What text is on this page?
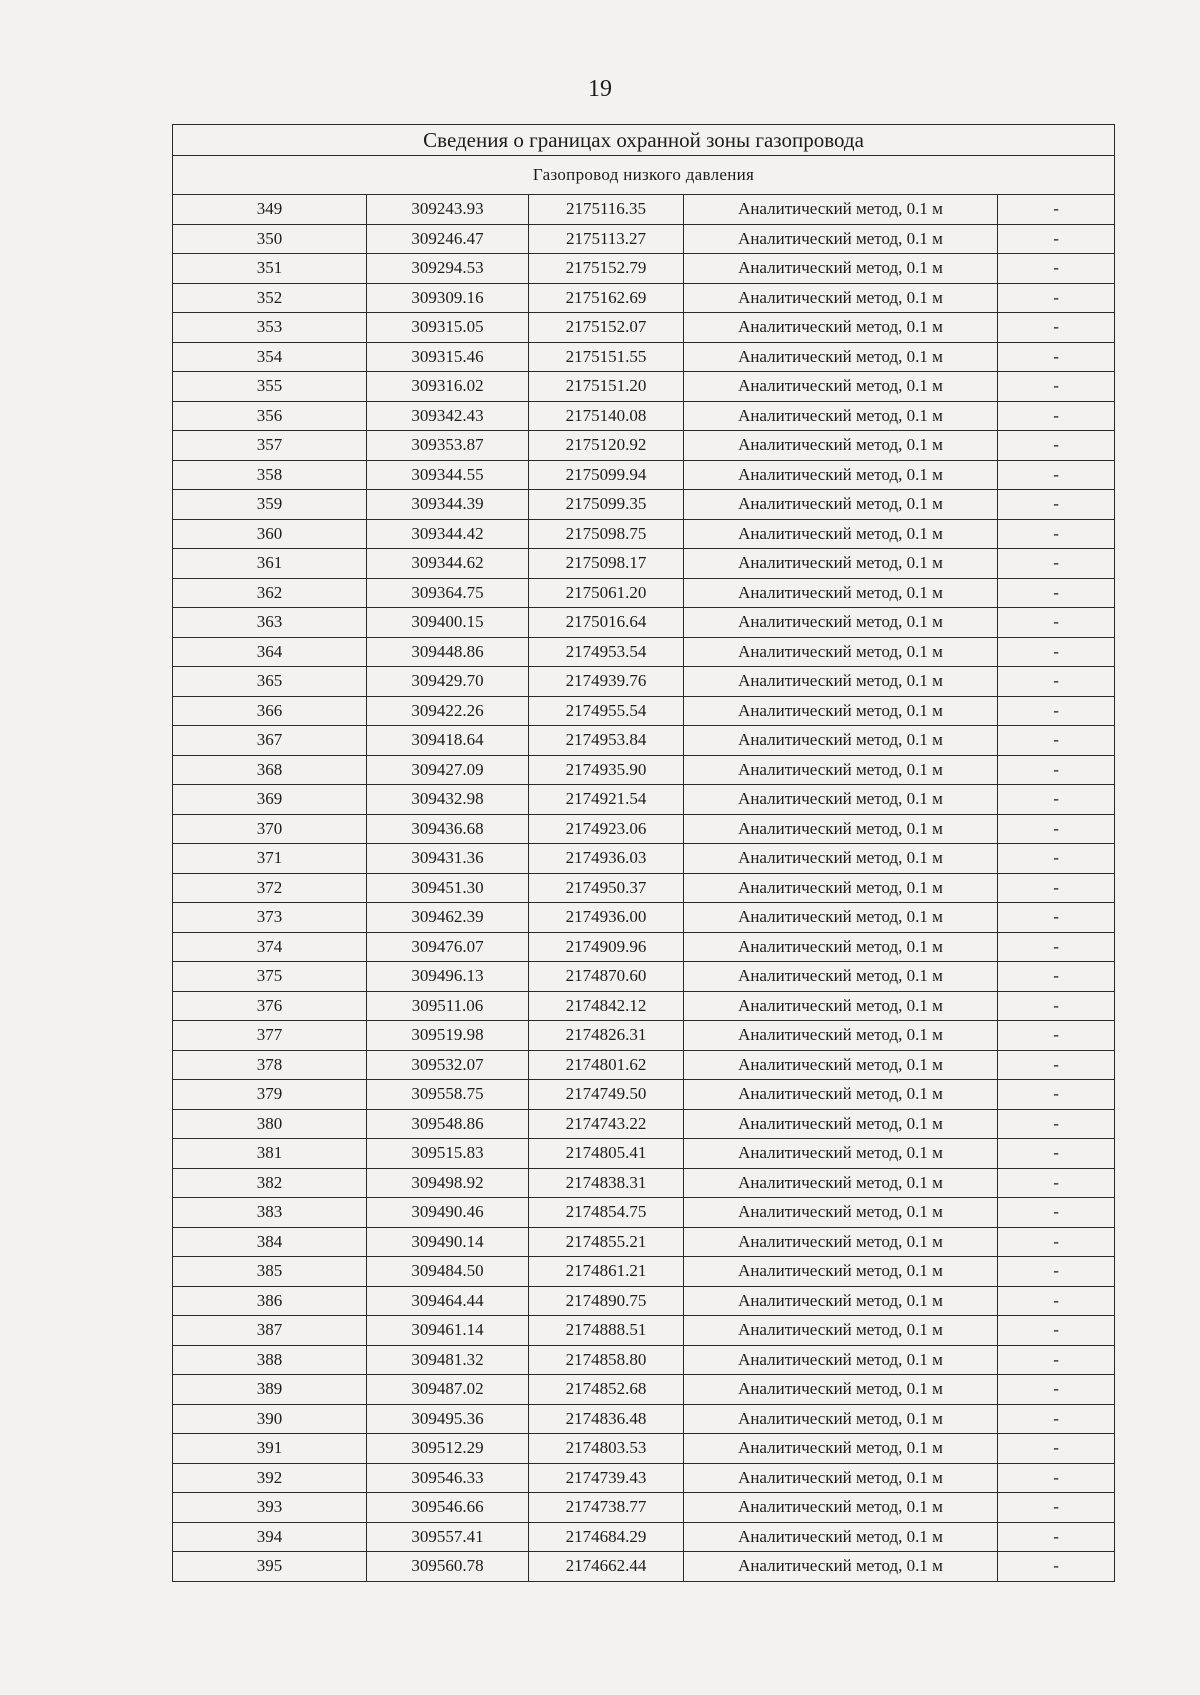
19
Сведения о границах охранной зоны газопровода				
Газопровод низкого давления				
349	309243.93	2175116.35	Аналитический метод, 0.1 м	-
350	309246.47	2175113.27	Аналитический метод, 0.1 м	-
351	309294.53	2175152.79	Аналитический метод, 0.1 м	-
352	309309.16	2175162.69	Аналитический метод, 0.1 м	-
353	309315.05	2175152.07	Аналитический метод, 0.1 м	-
354	309315.46	2175151.55	Аналитический метод, 0.1 м	-
355	309316.02	2175151.20	Аналитический метод, 0.1 м	-
356	309342.43	2175140.08	Аналитический метод, 0.1 м	-
357	309353.87	2175120.92	Аналитический метод, 0.1 м	-
358	309344.55	2175099.94	Аналитический метод, 0.1 м	-
359	309344.39	2175099.35	Аналитический метод, 0.1 м	-
360	309344.42	2175098.75	Аналитический метод, 0.1 м	-
361	309344.62	2175098.17	Аналитический метод, 0.1 м	-
362	309364.75	2175061.20	Аналитический метод, 0.1 м	-
363	309400.15	2175016.64	Аналитический метод, 0.1 м	-
364	309448.86	2174953.54	Аналитический метод, 0.1 м	-
365	309429.70	2174939.76	Аналитический метод, 0.1 м	-
366	309422.26	2174955.54	Аналитический метод, 0.1 м	-
367	309418.64	2174953.84	Аналитический метод, 0.1 м	-
368	309427.09	2174935.90	Аналитический метод, 0.1 м	-
369	309432.98	2174921.54	Аналитический метод, 0.1 м	-
370	309436.68	2174923.06	Аналитический метод, 0.1 м	-
371	309431.36	2174936.03	Аналитический метод, 0.1 м	-
372	309451.30	2174950.37	Аналитический метод, 0.1 м	-
373	309462.39	2174936.00	Аналитический метод, 0.1 м	-
374	309476.07	2174909.96	Аналитический метод, 0.1 м	-
375	309496.13	2174870.60	Аналитический метод, 0.1 м	-
376	309511.06	2174842.12	Аналитический метод, 0.1 м	-
377	309519.98	2174826.31	Аналитический метод, 0.1 м	-
378	309532.07	2174801.62	Аналитический метод, 0.1 м	-
379	309558.75	2174749.50	Аналитический метод, 0.1 м	-
380	309548.86	2174743.22	Аналитический метод, 0.1 м	-
381	309515.83	2174805.41	Аналитический метод, 0.1 м	-
382	309498.92	2174838.31	Аналитический метод, 0.1 м	-
383	309490.46	2174854.75	Аналитический метод, 0.1 м	-
384	309490.14	2174855.21	Аналитический метод, 0.1 м	-
385	309484.50	2174861.21	Аналитический метод, 0.1 м	-
386	309464.44	2174890.75	Аналитический метод, 0.1 м	-
387	309461.14	2174888.51	Аналитический метод, 0.1 м	-
388	309481.32	2174858.80	Аналитический метод, 0.1 м	-
389	309487.02	2174852.68	Аналитический метод, 0.1 м	-
390	309495.36	2174836.48	Аналитический метод, 0.1 м	-
391	309512.29	2174803.53	Аналитический метод, 0.1 м	-
392	309546.33	2174739.43	Аналитический метод, 0.1 м	-
393	309546.66	2174738.77	Аналитический метод, 0.1 м	-
394	309557.41	2174684.29	Аналитический метод, 0.1 м	-
395	309560.78	2174662.44	Аналитический метод, 0.1 м	-
